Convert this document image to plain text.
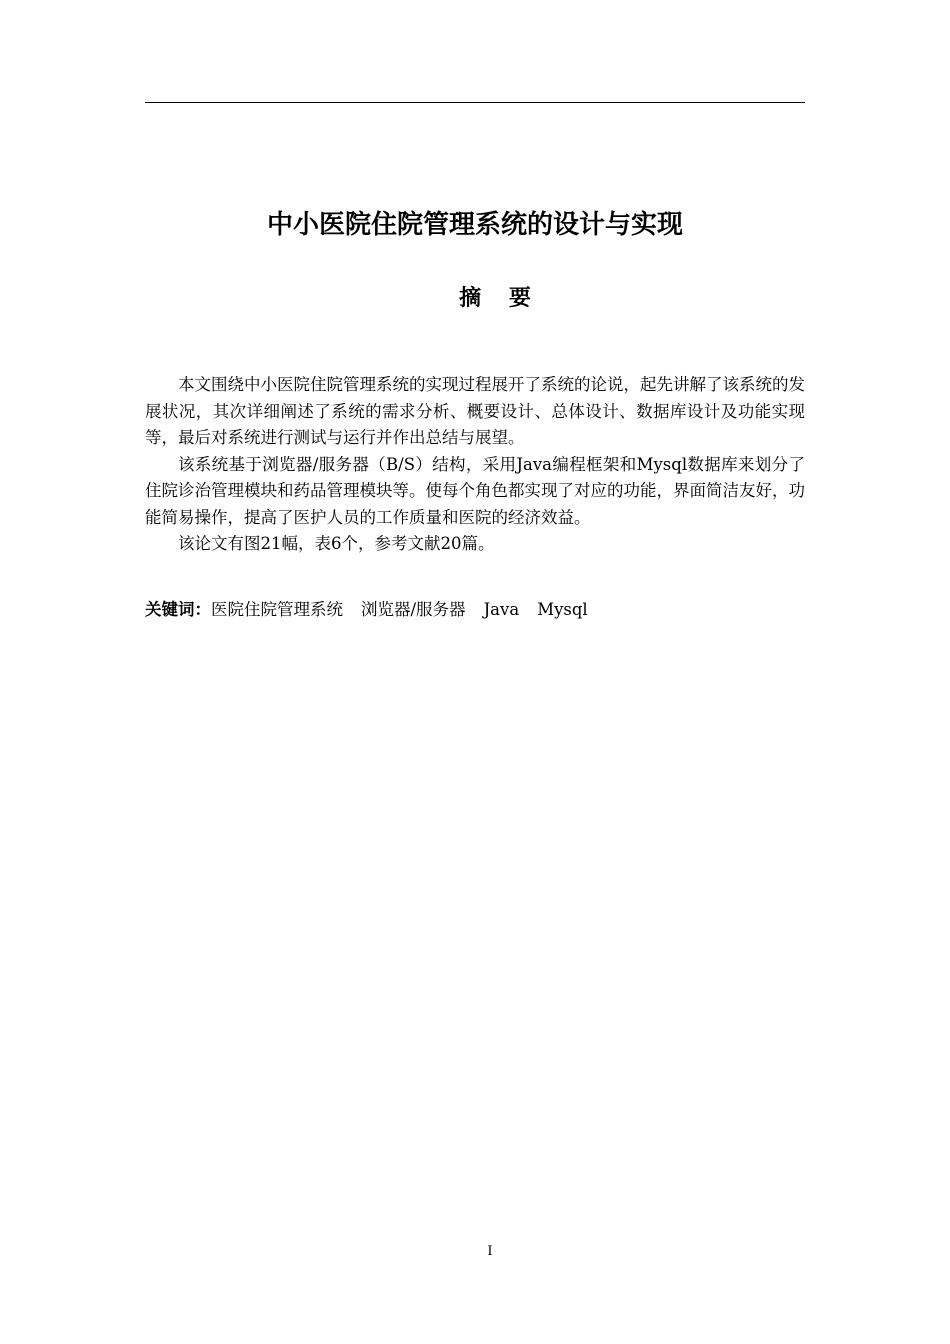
中小医院住院管理系统的设计与实现
摘 要

本文围绕中小医院住院管理系统的实现过程展开了系统的论说，起先讲解了该系统的发展状况，其次详细阐述了系统的需求分析、概要设计、总体设计、数据库设计及功能实现等，最后对系统进行测试与运行并作出总结与展望。

该系统基于浏览器/服务器（B/S）结构，采用Java编程框架和Mysql数据库来划分了住院诊治管理模块和药品管理模块等。使每个角色都实现了对应的功能，界面简洁友好，功能简易操作，提高了医护人员的工作质量和医院的经济效益。

该论文有图21幅，表6个，参考文献20篇。

关键词：医院住院管理系统 浏览器/服务器 Java Mysql
I
